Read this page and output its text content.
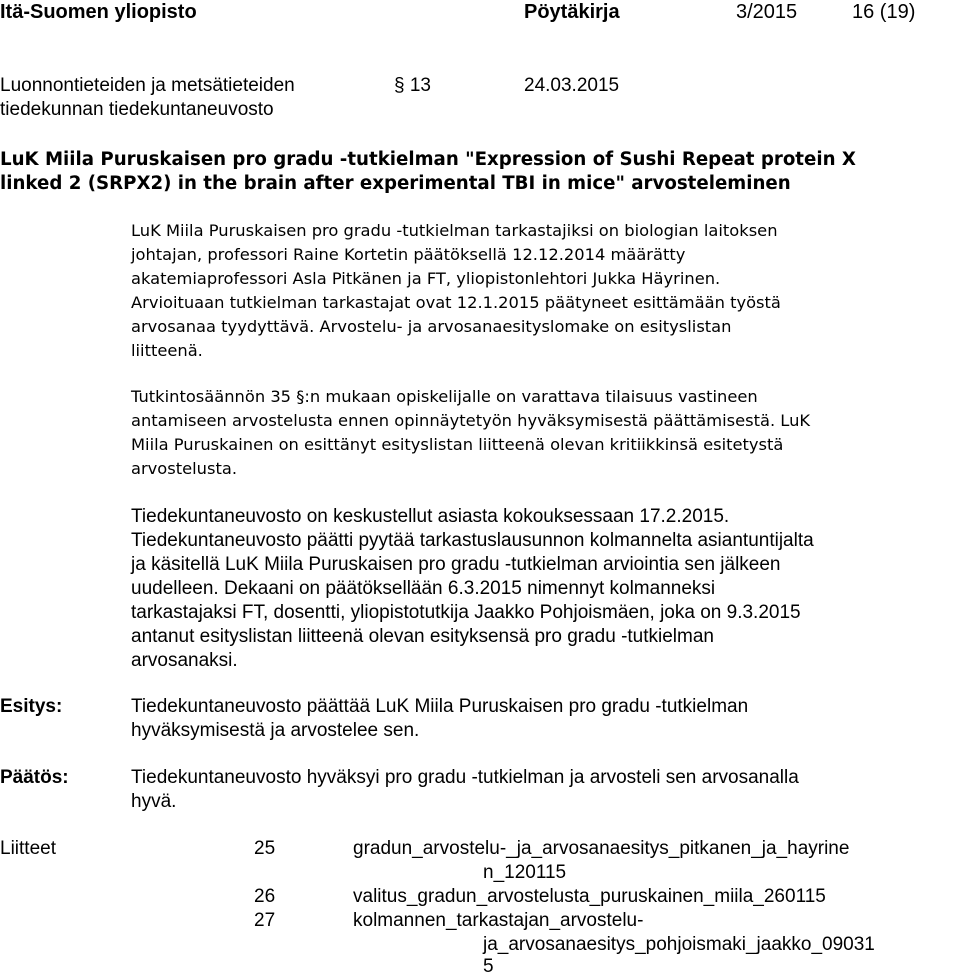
Itä-Suomen yliopisto	Pöytäkirja	3/2015	16 (19)
Luonnontieteiden ja metsätieteiden
tiedekunnan tiedekuntaneuvosto
§ 13	24.03.2015
LuK Miila Puruskaisen pro gradu -tutkielman "Expression of Sushi Repeat protein X
linked 2 (SRPX2) in the brain after experimental TBI in mice" arvosteleminen
LuK Miila Puruskaisen pro gradu -tutkielman tarkastajiksi on biologian laitoksen
johtajan, professori Raine Kortetin päätöksellä 12.12.2014 määrätty
akatemiaprofessori Asla Pitkänen ja FT, yliopistonlehtori Jukka Häyrinen.
Arvioituaan tutkielman tarkastajat ovat 12.1.2015 päätyneet esittämään työstä
arvosanaa tyydyttävä. Arvostelu- ja arvosanaesityslomake on esityslistan
liitteenä.
Tutkintosäännön 35 §:n mukaan opiskelijalle on varattava tilaisuus vastineen
antamiseen arvostelusta ennen opinnäytetyön hyväksymisestä päättämisestä. LuK
Miila Puruskainen on esittänyt esityslistan liitteenä olevan kritiikkinsä esitetystä
arvostelusta.
Tiedekuntaneuvosto on keskustellut asiasta kokouksessaan 17.2.2015.
Tiedekuntaneuvosto päätti pyytää tarkastuslausunnon kolmannelta asiantuntijalta
ja käsitellä LuK Miila Puruskaisen pro gradu -tutkielman arviointia sen jälkeen
uudelleen. Dekaani on päätöksellään 6.3.2015 nimennyt kolmanneksi
tarkastajaksi FT, dosentti, yliopistotutkija Jaakko Pohjoismäen, joka on 9.3.2015
antanut esityslistan liitteenä olevan esityksensä pro gradu -tutkielman
arvosanaksi.
Esitys:	Tiedekuntaneuvosto päättää LuK Miila Puruskaisen pro gradu -tutkielman
hyväksymisestä ja arvostelee sen.
Päätös:	Tiedekuntaneuvosto hyväksyi pro gradu -tutkielman ja arvosteli sen arvosanalla
hyvä.
Liitteet	25	gradun_arvostelu-_ja_arvosanaesitys_pitkanen_ja_hayrine
n_120115
26	valitus_gradun_arvostelusta_puruskainen_miila_260115
27	kolmannen_tarkastajan_arvostelu-
ja_arvosanaesitys_pohjoismaki_jaakko_09031
5
